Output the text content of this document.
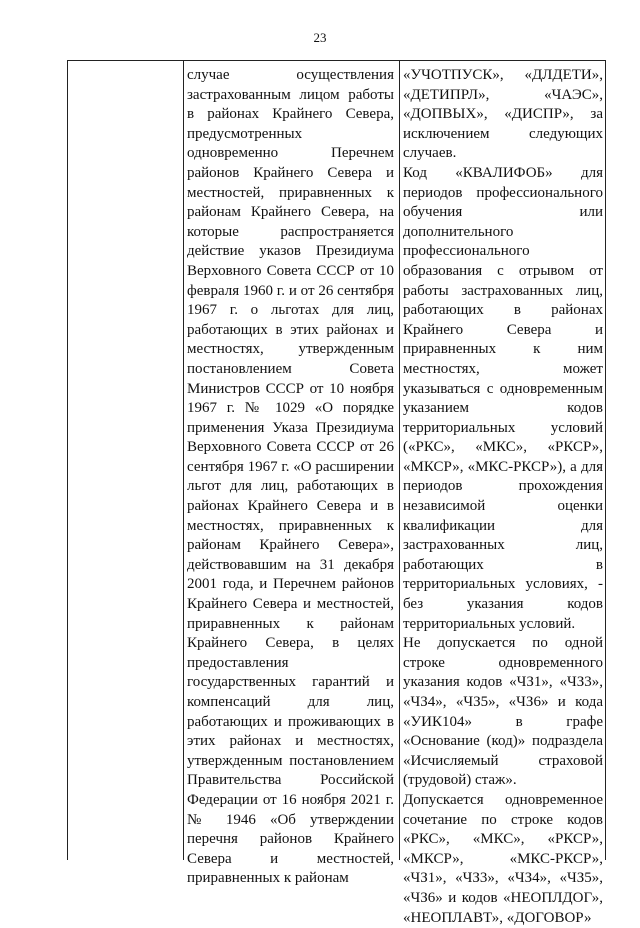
23

случае осуществления застрахованным лицом работы в районах Крайнего Севера, предусмотренных одновременно Перечнем районов Крайнего Севера и местностей, приравненных к районам Крайнего Севера, на которые распространяется действие указов Президиума Верховного Совета СССР от 10 февраля 1960 г. и от 26 сентября 1967 г. о льготах для лиц, работающих в этих районах и местностях, утвержденным постановлением Совета Министров СССР от 10 ноября 1967 г. № 1029 «О порядке применения Указа Президиума Верховного Совета СССР от 26 сентября 1967 г. «О расширении льгот для лиц, работающих в районах Крайнего Севера и в местностях, приравненных к районам Крайнего Севера», действовавшим на 31 декабря 2001 года, и Перечнем районов Крайнего Севера и местностей, приравненных к районам Крайнего Севера, в целях предоставления государственных гарантий и компенсаций для лиц, работающих и проживающих в этих районах и местностях, утвержденным постановлением Правительства Российской Федерации от 16 ноября 2021 г. № 1946 «Об утверждении перечня районов Крайнего Севера и местностей, приравненных к районам

«УЧОТПУСК», «ДЛДЕТИ», «ДЕТИПРЛ», «ЧАЭС», «ДОПВЫХ», «ДИСПР», за исключением следующих случаев.

Код «КВАЛИФОБ» для периодов профессионального обучения или дополнительного профессионального образования с отрывом от работы застрахованных лиц, работающих в районах Крайнего Севера и приравненных к ним местностях, может указываться с одновременным указанием кодов территориальных условий («РКС», «МКС», «РКСР», «МКСР», «МКС-РКСР»), а для периодов прохождения независимой оценки квалификации для застрахованных лиц, работающих в территориальных условиях, - без указания кодов территориальных условий.

Не допускается по одной строке одновременного указания кодов «ЧЗ1», «ЧЗ3», «ЧЗ4», «ЧЗ5», «ЧЗ6» и кода «УИК104» в графе «Основание (код)» подраздела «Исчисляемый страховой (трудовой) стаж».

Допускается одновременное сочетание по строке кодов «РКС», «МКС», «РКСР», «МКСР», «МКС-РКСР», «ЧЗ1», «ЧЗ3», «ЧЗ4», «ЧЗ5», «ЧЗ6» и кодов «НЕОПЛДОГ», «НЕОПЛАВТ», «ДОГОВОР»
